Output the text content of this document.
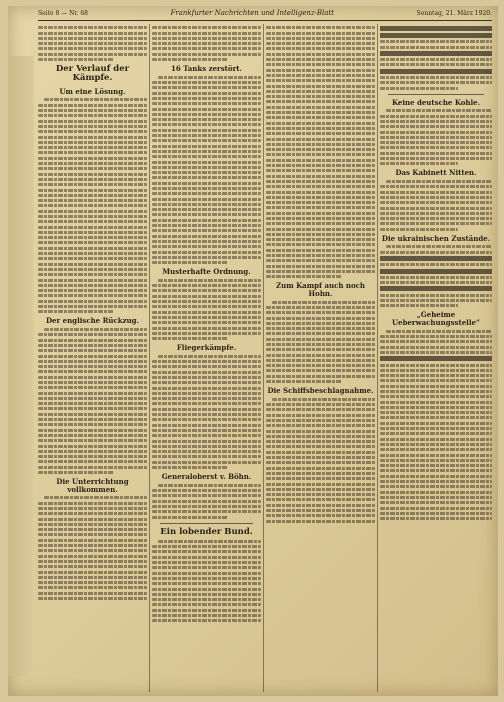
Seite 8 — Nr. 68	Frankfurter Nachrichten und Intelligenz-Blatt	Sonntag, 21. März 1920.
Der Verlauf der Kämpfe.
Um eine Lösung.
Der englische Rückzug.
Die Unterrichtung vollkommen.
16 Tanks zerstört.
Musterhafte Ordnung.
Fliegerkämpfe.
Generaloberst v. Böhn.
Ein lobender Bund.
Zum Kampf auch noch Hohn.
Die Schiffsbeschlagnahme.
Keine deutsche Kohle.
Das Kabinett Nitten.
Die ukrainischen Zustände.
„Geheime Ueberwachungsstelle“
